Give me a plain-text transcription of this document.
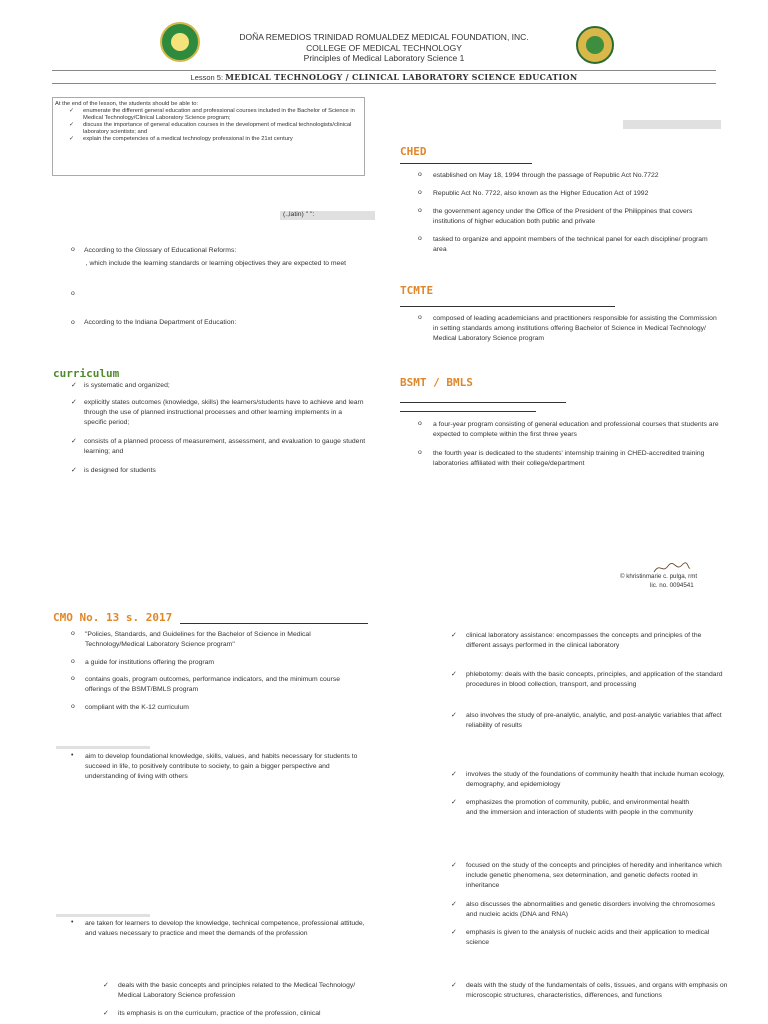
DOÑA REMEDIOS TRINIDAD ROMUALDEZ MEDICAL FOUNDATION, INC.
COLLEGE OF MEDICAL TECHNOLOGY
Principles of Medical Laboratory Science 1
Lesson 5: MEDICAL TECHNOLOGY / CLINICAL LABORATORY SCIENCE EDUCATION
At the end of the lesson, the students should be able to:
✓ enumerate the different general education and professional courses included in the Bachelor of Science in Medical Technology/Clinical Laboratory Science program;
✓ discuss the importance of general education courses in the development of medical technologists/clinical laboratory scientists; and
✓ explain the competencies of a medical technology professional in the 21st century
(.,latin) " ":
o According to the Glossary of Educational Reforms:
, which include the learning standards or learning objectives they are expected to meet
o
o According to the Indiana Department of Education:
curriculum
✓ is systematic and organized;
✓ explicitly states outcomes (knowledge, skills) the learners/students have to achieve and learn through the use of planned instructional processes and other learning implements in a specific period;
✓ consists of a planned process of measurement, assessment, and evaluation to gauge student learning; and
✓ is designed for students
CHED
o established on May 18, 1994 through the passage of Republic Act No.7722
o Republic Act No. 7722, also known as the Higher Education Act of 1992
o the government agency under the Office of the President of the Philippines that covers institutions of higher education both public and private
o tasked to organize and appoint members of the technical panel for each discipline/ program area
TCMTE
o composed of leading academicians and practitioners responsible for assisting the Commission in setting standards among institutions offering Bachelor of Science in Medical Technology/ Medical Laboratory Science program
BSMT / BMLS
o a four-year program consisting of general education and professional courses that students are expected to complete within the first three years
o the fourth year is dedicated to the students' internship training in CHED-accredited training laboratories affiliated with their college/department
© khristinmarie c. pulga, rmt
lic. no. 0094541
CMO No. 13 s. 2017
o "Policies, Standards, and Guidelines for the Bachelor of Science in Medical Technology/Medical Laboratory Science program"
o a guide for institutions offering the program
o contains goals, program outcomes, performance indicators, and the minimum course offerings of the BSMT/BMLS program
o compliant with the K-12 curriculum
• aim to develop foundational knowledge, skills, values, and habits necessary for students to succeed in life, to positively contribute to society, to gain a bigger perspective and understanding of living with others
• are taken for learners to develop the knowledge, technical competence, professional attitude, and values necessary to practice and meet the demands of the profession
✓ deals with the basic concepts and principles related to the Medical Technology/ Medical Laboratory Science profession
✓ its emphasis is on the curriculum, practice of the profession, clinical
✓ clinical laboratory assistance: encompasses the concepts and principles of the different assays performed in the clinical laboratory
✓ phlebotomy: deals with the basic concepts, principles, and application of the standard procedures in blood collection, transport, and processing
✓ also involves the study of pre-analytic, analytic, and post-analytic variables that affect reliability of results
✓ involves the study of the foundations of community health that include human ecology, demography, and epidemiology
✓ emphasizes the promotion of community, public, and environmental health and the immersion and interaction of students with people in the community
✓ focused on the study of the concepts and principles of heredity and inheritance which include genetic phenomena, sex determination, and genetic defects rooted in inheritance
✓ also discusses the abnormalities and genetic disorders involving the chromosomes and nucleic acids (DNA and RNA)
✓ emphasis is given to the analysis of nucleic acids and their application to medical science
✓ deals with the study of the fundamentals of cells, tissues, and organs with emphasis on microscopic structures, characteristics, differences, and functions
